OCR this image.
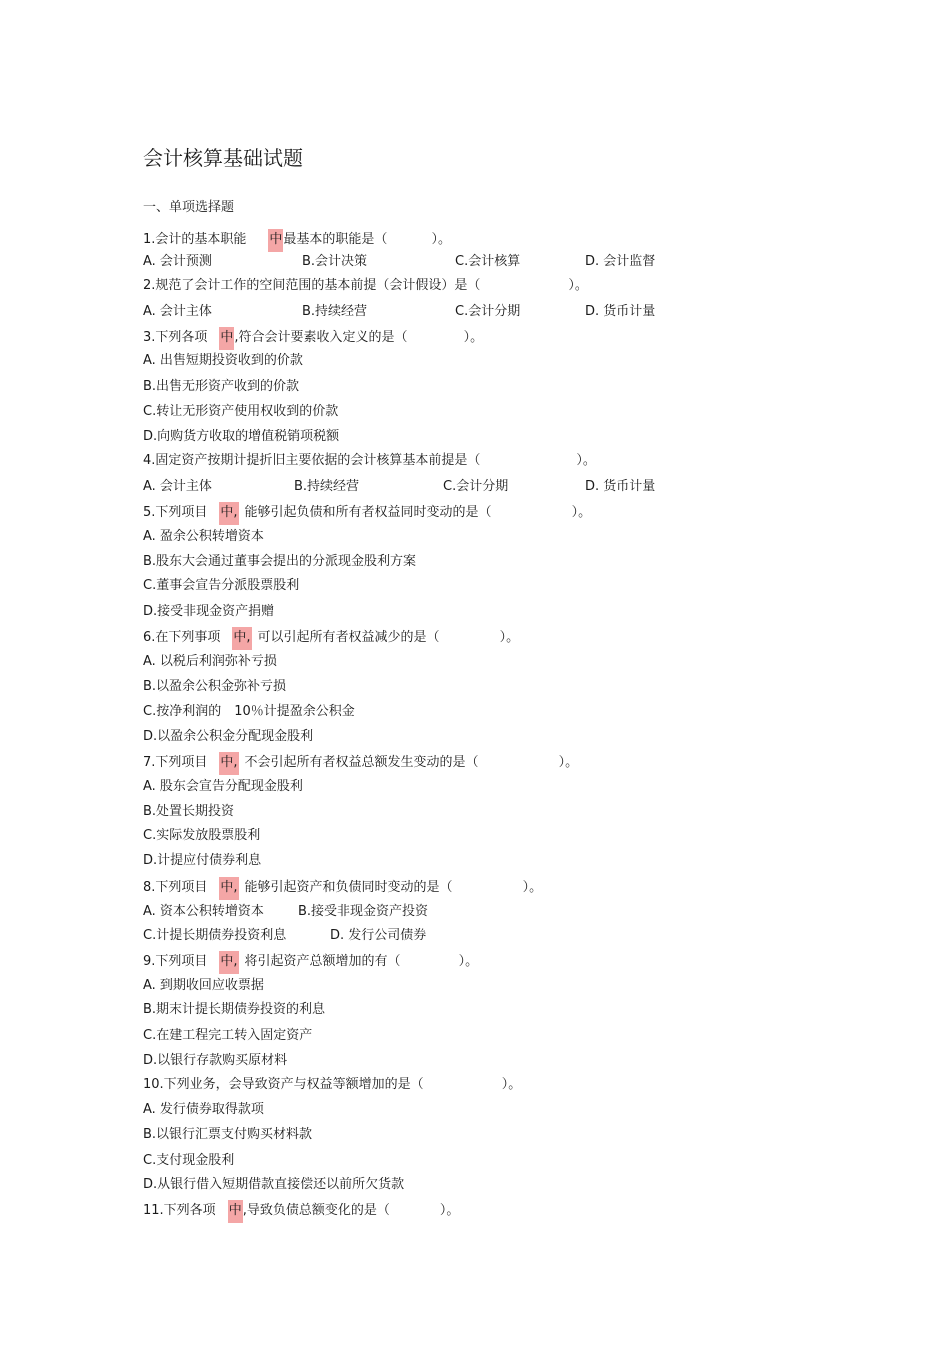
会计核算基础试题
一、单项选择题
1.会计的基本职能 中最基本的职能是（	）。
A. 会计预测	B.会计决策	C.会计核算	D. 会计监督
2.规范了会计工作的空间范围的基本前提（会计假设）是（	）。
A. 会计主体	B.持续经营	C.会计分期	D. 货币计量
3.下列各项 中,符合会计要素收入定义的是（	）。
A. 出售短期投资收到的价款
B.出售无形资产收到的价款
C.转让无形资产使用权收到的价款
D.向购货方收取的增值税销项税额
4.固定资产按期计提折旧主要依据的会计核算基本前提是（	）。
A. 会计主体	B.持续经营	C.会计分期	D. 货币计量
5.下列项目 中, 能够引起负债和所有者权益同时变动的是（	）。
A. 盈余公积转增资本
B.股东大会通过董事会提出的分派现金股利方案
C.董事会宣告分派股票股利
D.接受非现金资产捐赠
6.在下列事项 中, 可以引起所有者权益减少的是（	）。
A. 以税后利润弥补亏损
B.以盈余公积金弥补亏损
C.按净利润的　10％计提盈余公积金
D.以盈余公积金分配现金股利
7.下列项目 中, 不会引起所有者权益总额发生变动的是（	）。
A. 股东会宣告分配现金股利
B.处置长期投资
C.实际发放股票股利
D.计提应付债券利息
8.下列项目 中, 能够引起资产和负债同时变动的是（	）。
A. 资本公积转增资本	B.接受非现金资产投资
C.计提长期债券投资利息	D. 发行公司债券
9.下列项目 中, 将引起资产总额增加的有（	）。
A. 到期收回应收票据
B.期末计提长期债券投资的利息
C.在建工程完工转入固定资产
D.以银行存款购买原材料
10.下列业务，会导致资产与权益等额增加的是（	）。
A. 发行债券取得款项
B.以银行汇票支付购买材料款
C.支付现金股利
D.从银行借入短期借款直接偿还以前所欠货款
11.下列各项 中,导致负债总额变化的是（	）。
